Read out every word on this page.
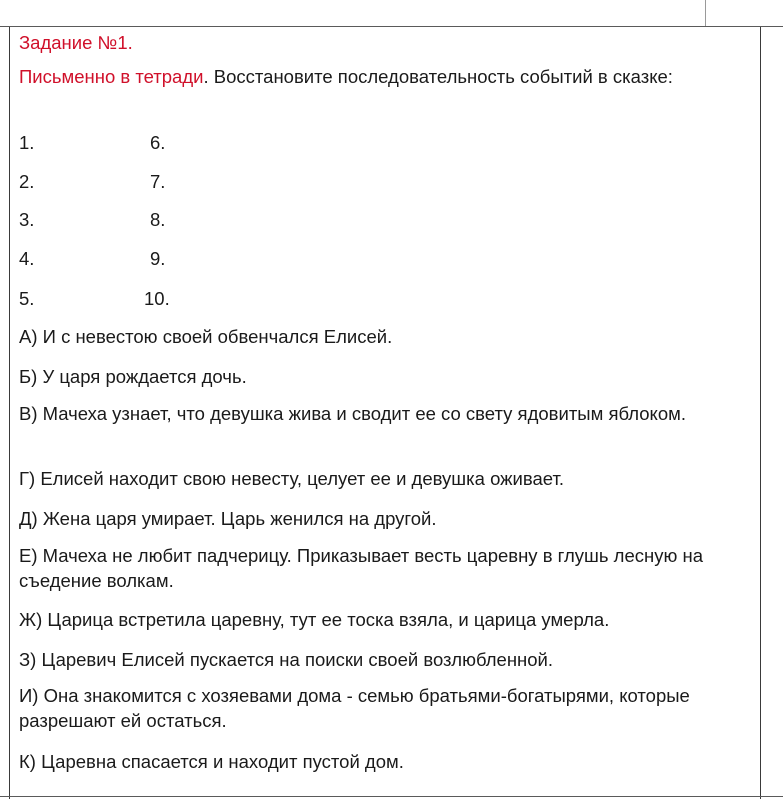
Задание №1.
Письменно в тетради. Восстановите последовательность событий в сказке:
1.
2.
3.
4.
5.
6.
7.
8.
9.
10.
А) И с невестою своей обвенчался Елисей.
Б) У царя рождается дочь.
В) Мачеха узнает, что девушка жива и сводит ее со свету ядовитым яблоком.
Г) Елисей находит свою невесту, целует ее и девушка оживает.
Д) Жена царя умирает. Царь женился на другой.
Е) Мачеха не любит падчерицу. Приказывает весть царевну в глушь лесную на съедение волкам.
Ж) Царица встретила царевну, тут ее тоска взяла, и царица умерла.
З) Царевич Елисей пускается на поиски своей возлюбленной.
И) Она знакомится с хозяевами дома - семью братьями-богатырями, которые разрешают ей остаться.
К) Царевна спасается и находит пустой дом.
